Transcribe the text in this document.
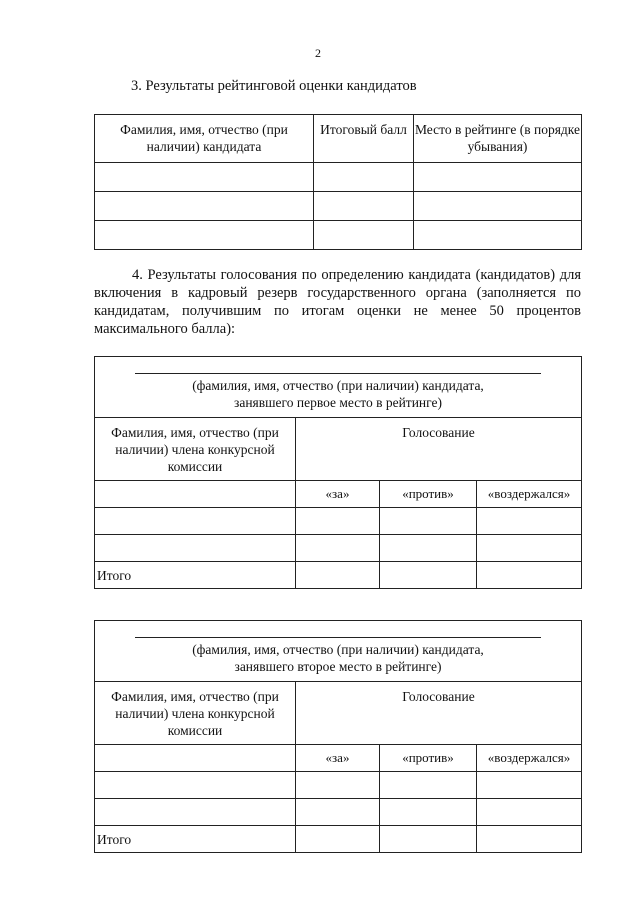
2
3. Результаты рейтинговой оценки кандидатов
Фамилия, имя, отчество (при наличии) кандидата	Итоговый балл	Место в рейтинге (в порядке убывания)

4. Результаты голосования по определению кандидата (кандидатов) для включения в кадровый резерв государственного органа (заполняется по кандидатам, получившим по итогам оценки не менее 50 процентов максимального балла):
(фамилия, имя, отчество (при наличии) кандидата,
занявшего первое место в рейтинге)			

Фамилия, имя, отчество (при наличии) члена конкурсной комиссии	Голосование		
	«за»	«против»	«воздержался»

Итого			
(фамилия, имя, отчество (при наличии) кандидата,
занявшего второе место в рейтинге)			

Фамилия, имя, отчество (при наличии) члена конкурсной комиссии	Голосование		
	«за»	«против»	«воздержался»

Итого			
